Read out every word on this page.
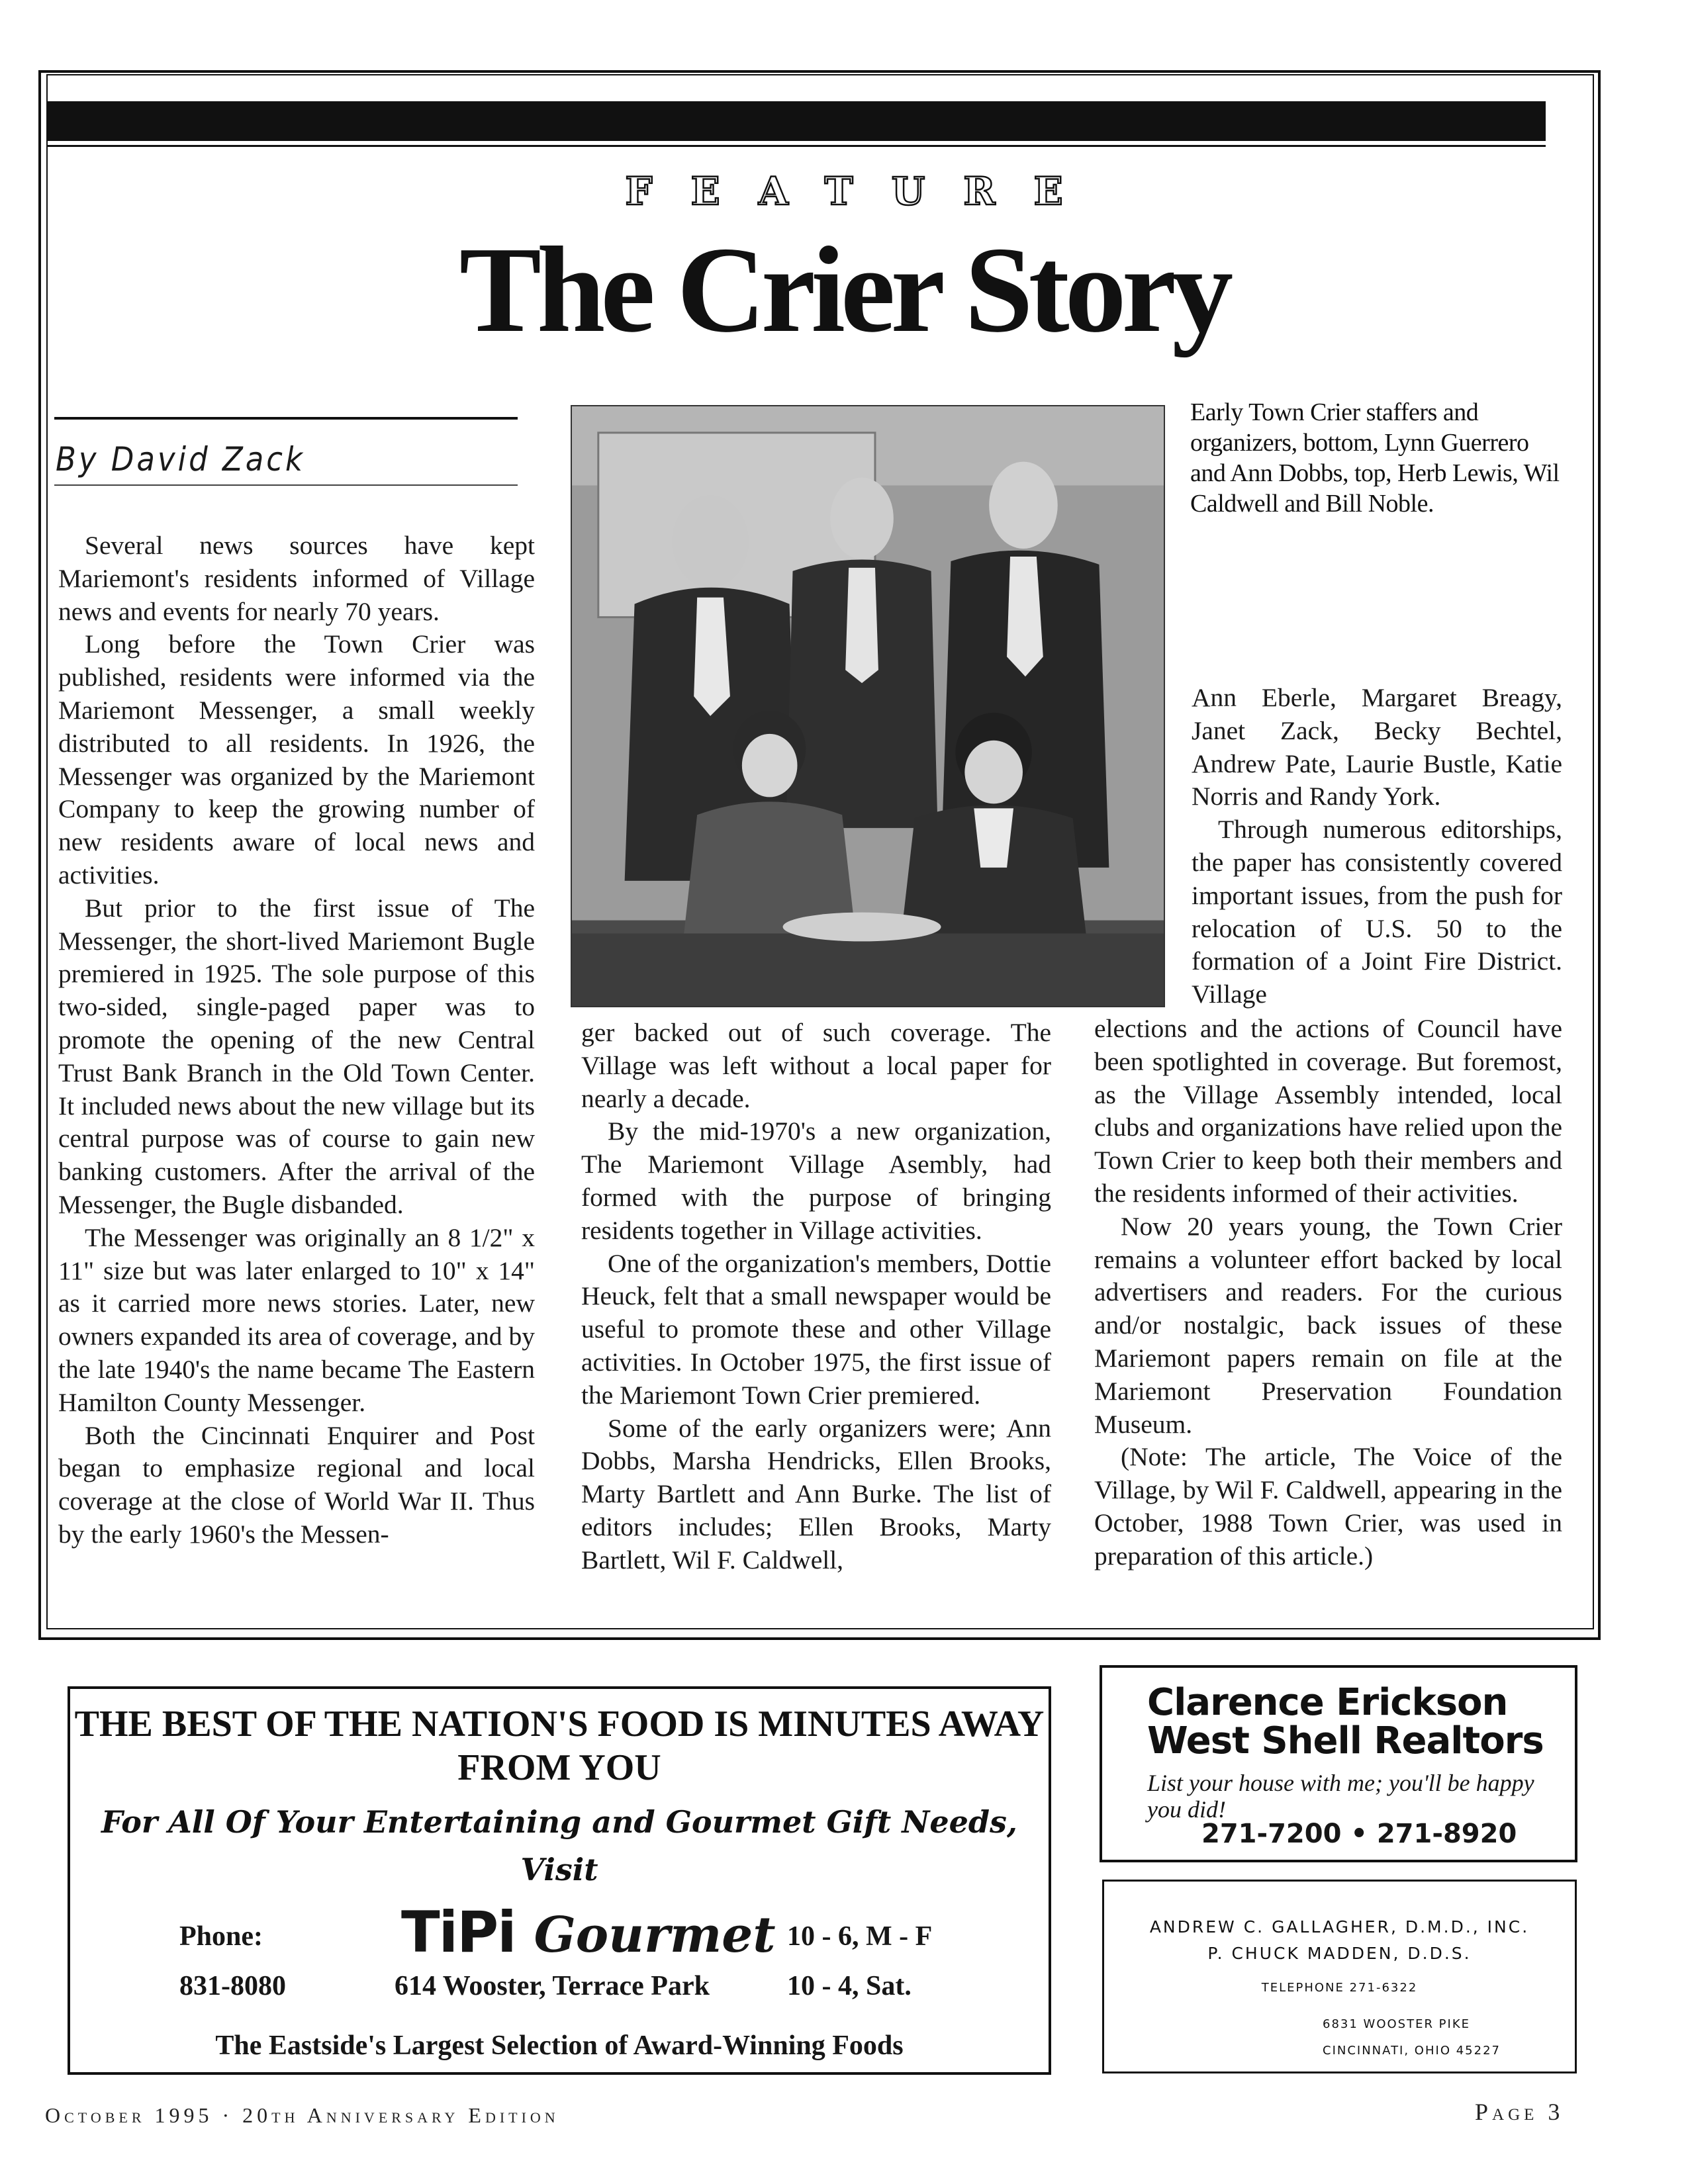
FEATURE
The Crier Story
By David Zack

Several news sources have kept Mariemont's residents informed of Village news and events for nearly 70 years.

Long before the Town Crier was published, residents were informed via the Mariemont Messenger, a small weekly distributed to all residents. In 1926, the Messenger was organized by the Mariemont Company to keep the growing number of new residents aware of local news and activities.

But prior to the first issue of The Messenger, the short-lived Mariemont Bugle premiered in 1925. The sole purpose of this two-sided, single-paged paper was to promote the opening of the new Central Trust Bank Branch in the Old Town Center. It included news about the new village but its central purpose was of course to gain new banking customers. After the arrival of the Messenger, the Bugle disbanded.

The Messenger was originally an 8 1/2" x 11" size but was later enlarged to 10" x 14" as it carried more news stories. Later, new owners expanded its area of coverage, and by the late 1940's the name became The Eastern Hamilton County Messenger.

Both the Cincinnati Enquirer and Post began to emphasize regional and local coverage at the close of World War II. Thus by the early 1960's the Messen-

Early Town Crier staffers and organizers, bottom, Lynn Guerrero and Ann Dobbs, top, Herb Lewis, Wil Caldwell and Bill Noble.

ger backed out of such coverage. The Village was left without a local paper for nearly a decade.

By the mid-1970's a new organization, The Mariemont Village Asembly, had formed with the purpose of bringing residents together in Village activities.

One of the organization's members, Dottie Heuck, felt that a small newspaper would be useful to promote these and other Village activities. In October 1975, the first issue of the Mariemont Town Crier premiered.

Some of the early organizers were; Ann Dobbs, Marsha Hendricks, Ellen Brooks, Marty Bartlett and Ann Burke. The list of editors includes; Ellen Brooks, Marty Bartlett, Wil F. Caldwell,

Ann Eberle, Margaret Breagy, Janet Zack, Becky Bechtel, Andrew Pate, Laurie Bustle, Katie Norris and Randy York.

Through numerous editorships, the paper has consistently covered important issues, from the push for relocation of U.S. 50 to the formation of a Joint Fire District. Village

elections and the actions of Council have been spotlighted in coverage. But foremost, as the Village Assembly intended, local clubs and organizations have relied upon the Town Crier to keep both their members and the residents informed of their activities.

Now 20 years young, the Town Crier remains a volunteer effort backed by local advertisers and readers. For the curious and/or nostalgic, back issues of these Mariemont papers remain on file at the Mariemont Preservation Foundation Museum.

(Note: The article, The Voice of the Village, by Wil F. Caldwell, appearing in the October, 1988 Town Crier, was used in preparation of this article.)

THE BEST OF THE NATION'S FOOD IS MINUTES AWAY FROM YOU
For All Of Your Entertaining and Gourmet Gift Needs,
Visit
Phone:
831-8080
TiPi Gourmet
614 Wooster, Terrace Park
10 - 6, M - F
10 - 4, Sat.
The Eastside's Largest Selection of Award-Winning Foods
Clarence Erickson
West Shell Realtors
List your house with me; you'll be happy you did!
271-7200 • 271-8920
ANDREW C. GALLAGHER, D.M.D., INC.
P. CHUCK MADDEN, D.D.S.
TELEPHONE 271-6322
6831 WOOSTER PIKE
CINCINNATI, OHIO 45227
October 1995 · 20th Anniversary Edition	Page 3
